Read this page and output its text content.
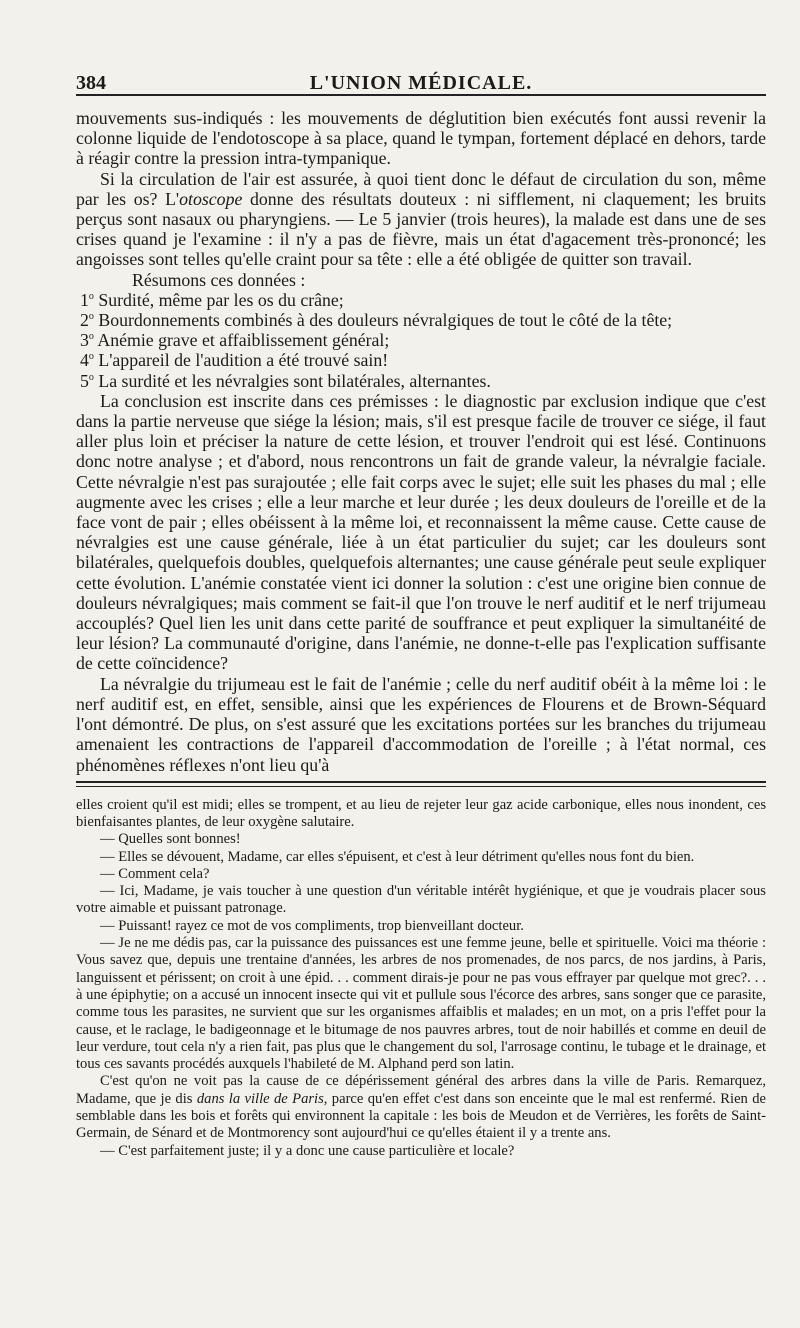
384	L'UNION MÉDICALE.

mouvements sus-indiqués : les mouvements de déglutition bien exécutés font aussi revenir la colonne liquide de l'endotoscope à sa place, quand le tympan, fortement déplacé en dehors, tarde à réagir contre la pression intra-tympanique.

Si la circulation de l'air est assurée, à quoi tient donc le défaut de circulation du son, même par les os? L'otoscope donne des résultats douteux : ni sifflement, ni claquement; les bruits perçus sont nasaux ou pharyngiens. — Le 5 janvier (trois heures), la malade est dans une de ses crises quand je l'examine : il n'y a pas de fièvre, mais un état d'agacement très-prononcé; les angoisses sont telles qu'elle craint pour sa tête : elle a été obligée de quitter son travail.

Résumons ces données :

1$^o$ Surdité, même par les os du crâne;

2$^o$ Bourdonnements combinés à des douleurs névralgiques de tout le côté de la tête;

3$^o$ Anémie grave et affaiblissement général;

4$^o$ L'appareil de l'audition a été trouvé sain!

5$^o$ La surdité et les névralgies sont bilatérales, alternantes.

La conclusion est inscrite dans ces prémisses : le diagnostic par exclusion indique que c'est dans la partie nerveuse que siége la lésion; mais, s'il est presque facile de trouver ce siége, il faut aller plus loin et préciser la nature de cette lésion, et trouver l'endroit qui est lésé. Continuons donc notre analyse ; et d'abord, nous rencontrons un fait de grande valeur, la névralgie faciale. Cette névralgie n'est pas surajoutée ; elle fait corps avec le sujet; elle suit les phases du mal ; elle augmente avec les crises ; elle a leur marche et leur durée ; les deux douleurs de l'oreille et de la face vont de pair ; elles obéissent à la même loi, et reconnaissent la même cause. Cette cause de névralgies est une cause générale, liée à un état particulier du sujet; car les douleurs sont bilatérales, quelquefois doubles, quelquefois alternantes; une cause générale peut seule expliquer cette évolution. L'anémie constatée vient ici donner la solution : c'est une origine bien connue de douleurs névralgiques; mais comment se fait-il que l'on trouve le nerf auditif et le nerf trijumeau accouplés? Quel lien les unit dans cette parité de souffrance et peut expliquer la simultanéité de leur lésion? La communauté d'origine, dans l'anémie, ne donne-t-elle pas l'explication suffisante de cette coïncidence?

La névralgie du trijumeau est le fait de l'anémie ; celle du nerf auditif obéit à la même loi : le nerf auditif est, en effet, sensible, ainsi que les expériences de Flourens et de Brown-Séquard l'ont démontré. De plus, on s'est assuré que les excitations portées sur les branches du trijumeau amenaient les contractions de l'appareil d'accommodation de l'oreille ; à l'état normal, ces phénomènes réflexes n'ont lieu qu'à

elles croient qu'il est midi; elles se trompent, et au lieu de rejeter leur gaz acide carbonique, elles nous inondent, ces bienfaisantes plantes, de leur oxygène salutaire.

— Quelles sont bonnes!

— Elles se dévouent, Madame, car elles s'épuisent, et c'est à leur détriment qu'elles nous font du bien.

— Comment cela?

— Ici, Madame, je vais toucher à une question d'un véritable intérêt hygiénique, et que je voudrais placer sous votre aimable et puissant patronage.

— Puissant! rayez ce mot de vos compliments, trop bienveillant docteur.

— Je ne me dédis pas, car la puissance des puissances est une femme jeune, belle et spirituelle. Voici ma théorie : Vous savez que, depuis une trentaine d'années, les arbres de nos promenades, de nos parcs, de nos jardins, à Paris, languissent et périssent; on croit à une épid. . . comment dirais-je pour ne pas vous effrayer par quelque mot grec?. . . à une épiphytie; on a accusé un innocent insecte qui vit et pullule sous l'écorce des arbres, sans songer que ce parasite, comme tous les parasites, ne survient que sur les organismes affaiblis et malades; en un mot, on a pris l'effet pour la cause, et le raclage, le badigeonnage et le bitumage de nos pauvres arbres, tout de noir habillés et comme en deuil de leur verdure, tout cela n'y a rien fait, pas plus que le changement du sol, l'arrosage continu, le tubage et le drainage, et tous ces savants procédés auxquels l'habileté de M. Alphand perd son latin.

C'est qu'on ne voit pas la cause de ce dépérissement général des arbres dans la ville de Paris. Remarquez, Madame, que je dis dans la ville de Paris, parce qu'en effet c'est dans son enceinte que le mal est renfermé. Rien de semblable dans les bois et forêts qui environnent la capitale : les bois de Meudon et de Verrières, les forêts de Saint-Germain, de Sénard et de Montmorency sont aujourd'hui ce qu'elles étaient il y a trente ans.

— C'est parfaitement juste; il y a donc une cause particulière et locale?
